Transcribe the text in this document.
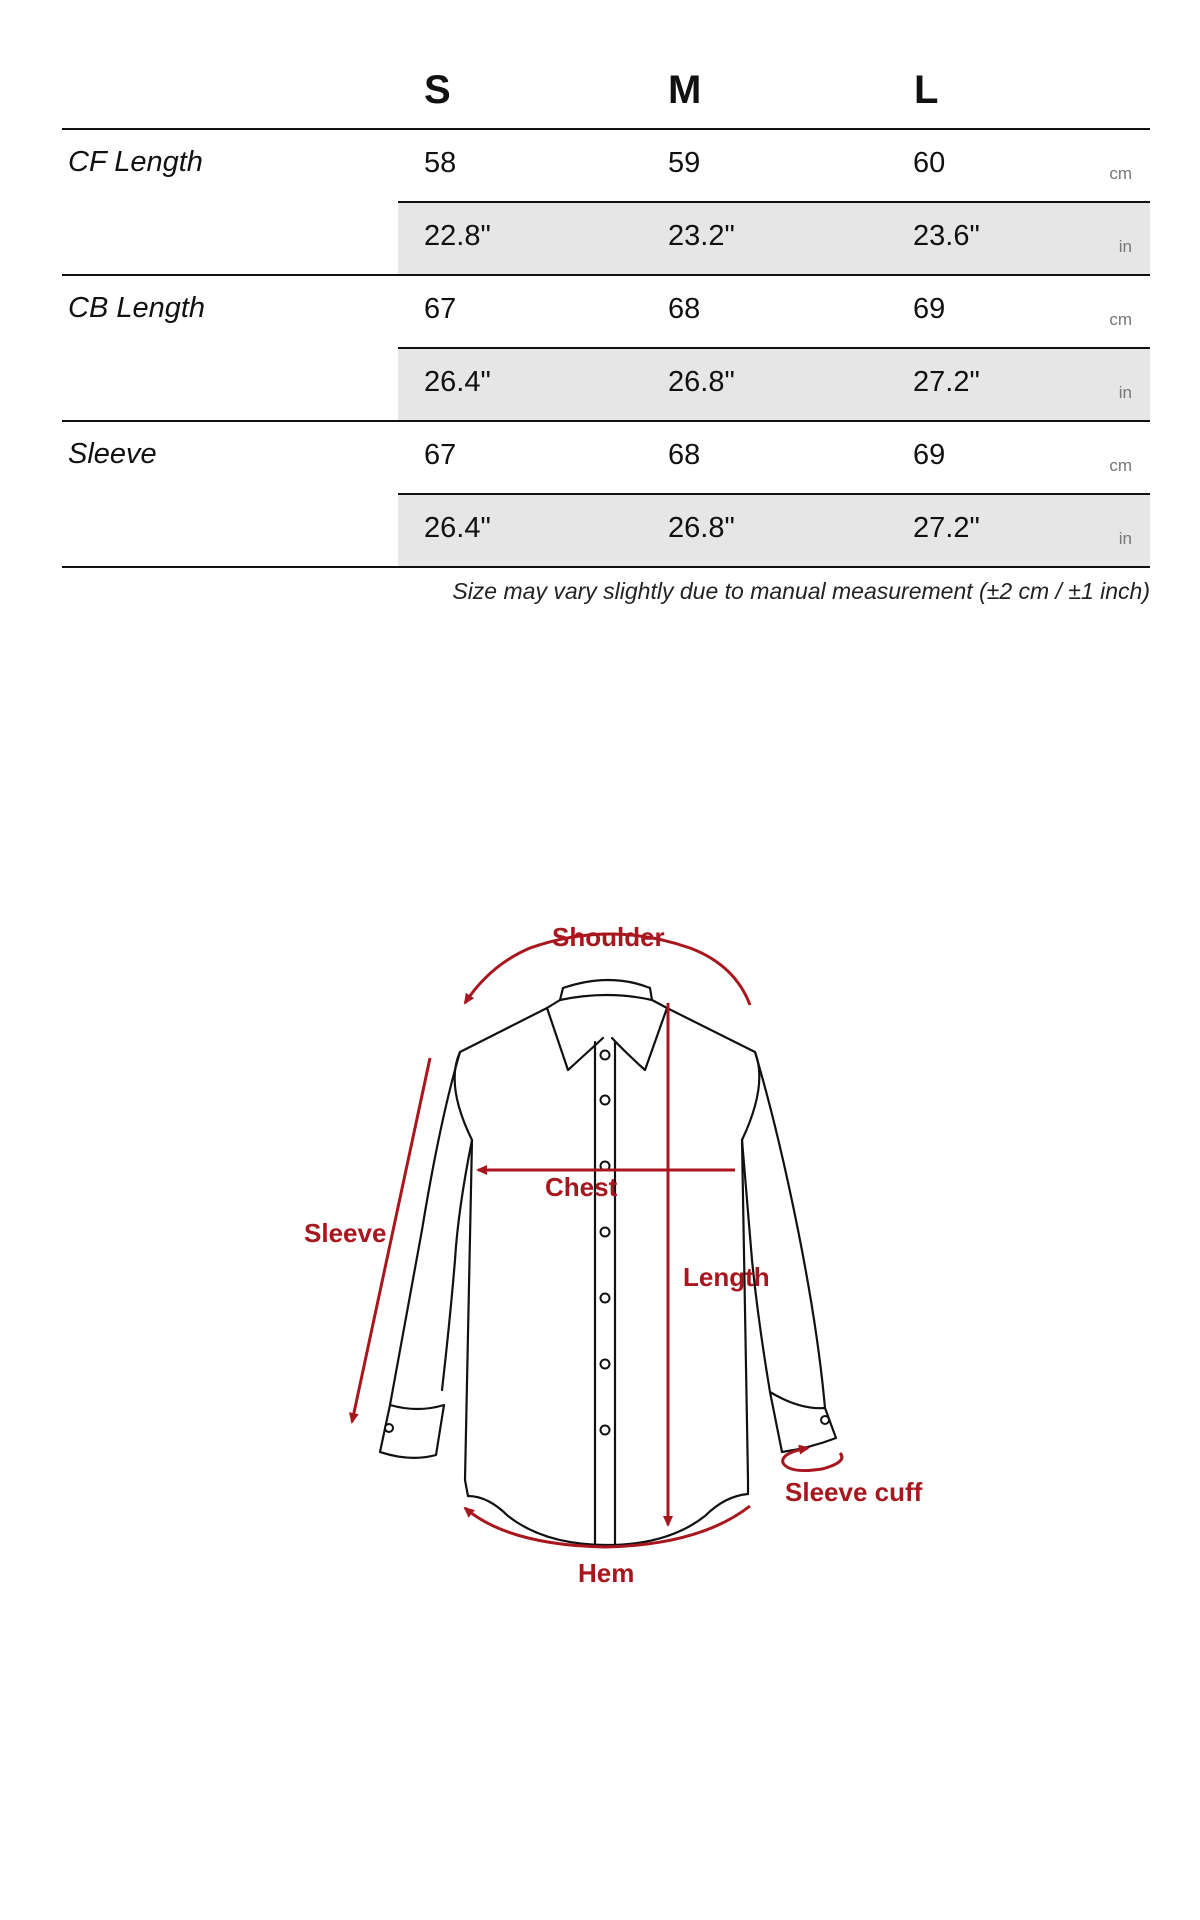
S	M	L
CF Length	58	59	60	cm
22.8"	23.2"	23.6"	in
CB Length	67	68	69	cm
26.4"	26.8"	27.2"	in
Sleeve	67	68	69	cm
26.4"	26.8"	27.2"	in
Size may vary slightly due to manual measurement (±2 cm / ±1 inch)
Shoulder
Chest
Sleeve
Length
Sleeve cuff
Hem
